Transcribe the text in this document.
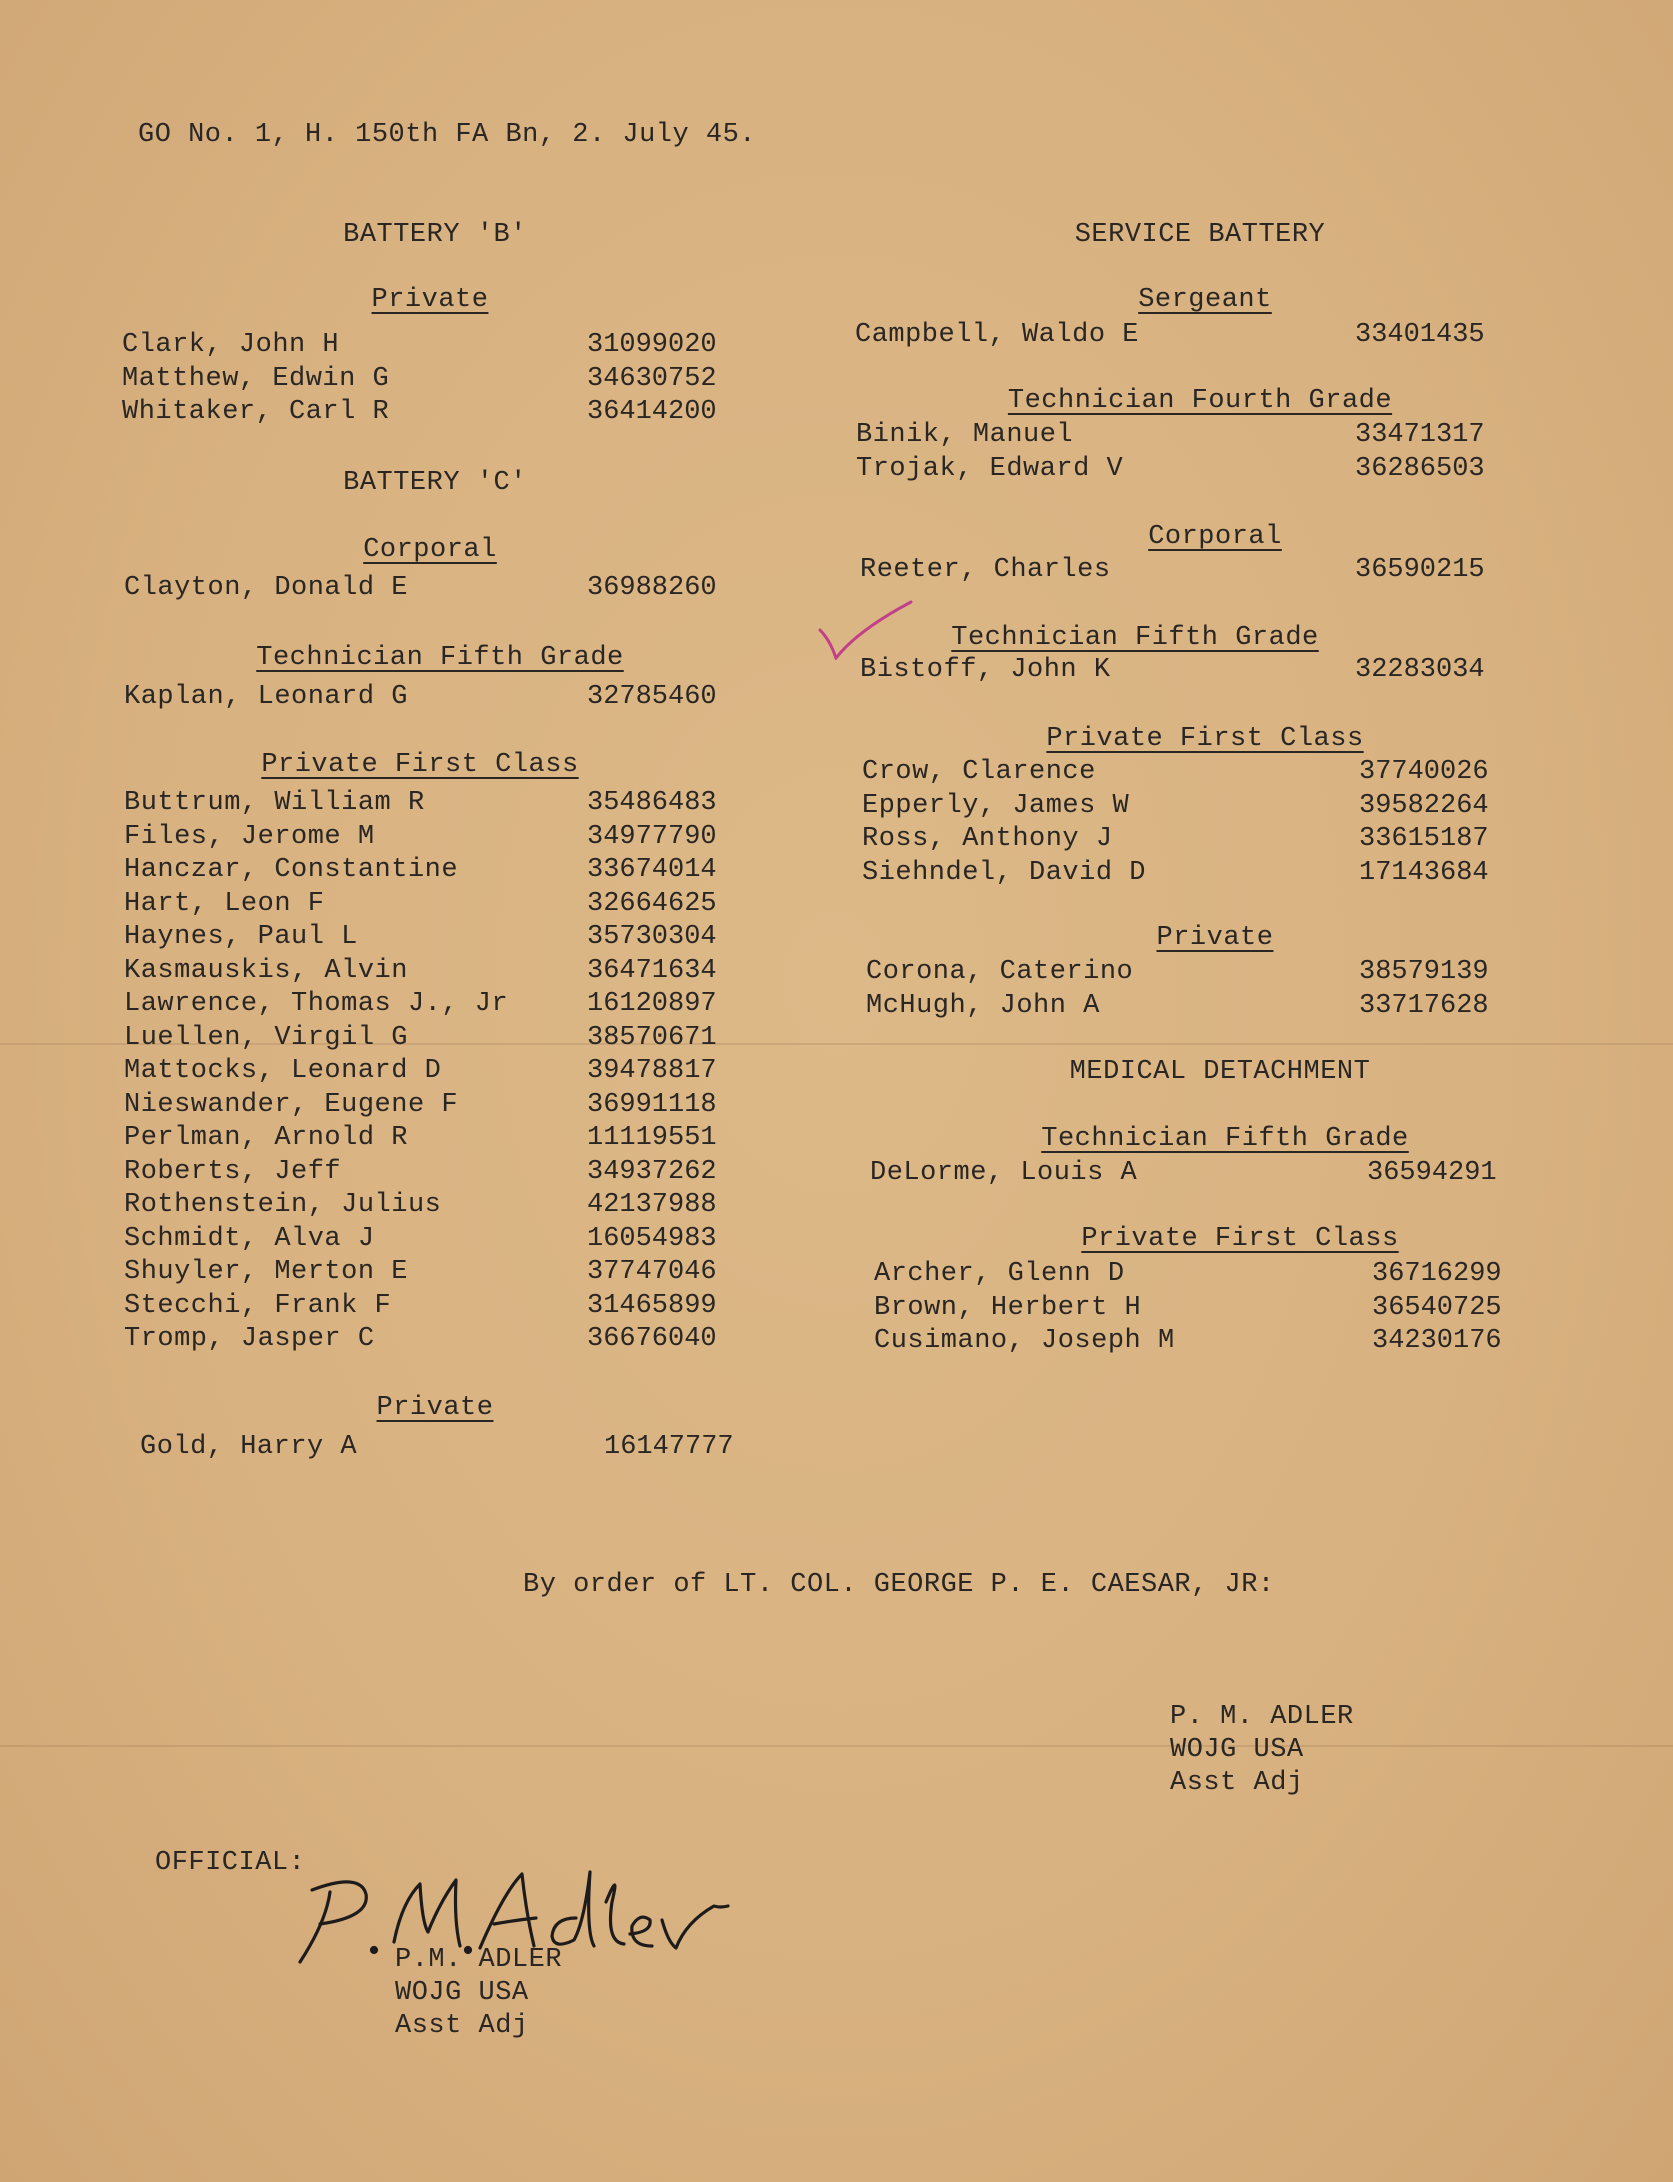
GO No. 1, H. 150th FA Bn, 2. July 45.
BATTERY 'B'
Private
Clark, John H	31099020
Matthew, Edwin G	34630752
Whitaker, Carl R	36414200
BATTERY 'C'
Corporal
Clayton, Donald E	36988260
Technician Fifth Grade
Kaplan, Leonard G	32785460
Private First Class
Buttrum, William R	35486483
Files, Jerome M	34977790
Hanczar, Constantine	33674014
Hart, Leon F	32664625
Haynes, Paul L	35730304
Kasmauskis, Alvin	36471634
Lawrence, Thomas J., Jr	16120897
Luellen, Virgil G	38570671
Mattocks, Leonard D	39478817
Nieswander, Eugene F	36991118
Perlman, Arnold R	11119551
Roberts, Jeff	34937262
Rothenstein, Julius	42137988
Schmidt, Alva J	16054983
Shuyler, Merton E	37747046
Stecchi, Frank F	31465899
Tromp, Jasper C	36676040
Private
Gold, Harry A	16147777
SERVICE BATTERY
Sergeant
Campbell, Waldo E	33401435
Technician Fourth Grade
Binik, Manuel	33471317
Trojak, Edward V	36286503
Corporal
Reeter, Charles	36590215
Technician Fifth Grade
Bistoff, John K	32283034
Private First Class
Crow, Clarence	37740026
Epperly, James W	39582264
Ross, Anthony J	33615187
Siehndel, David D	17143684
Private
Corona, Caterino	38579139
McHugh, John A	33717628
MEDICAL DETACHMENT
Technician Fifth Grade
DeLorme, Louis A	36594291
Private First Class
Archer, Glenn D	36716299
Brown, Herbert H	36540725
Cusimano, Joseph M	34230176
By order of LT. COL. GEORGE P. E. CAESAR, JR:
P. M. ADLER
WOJG USA
Asst Adj
OFFICIAL:
P.M. ADLER
WOJG USA
Asst Adj
